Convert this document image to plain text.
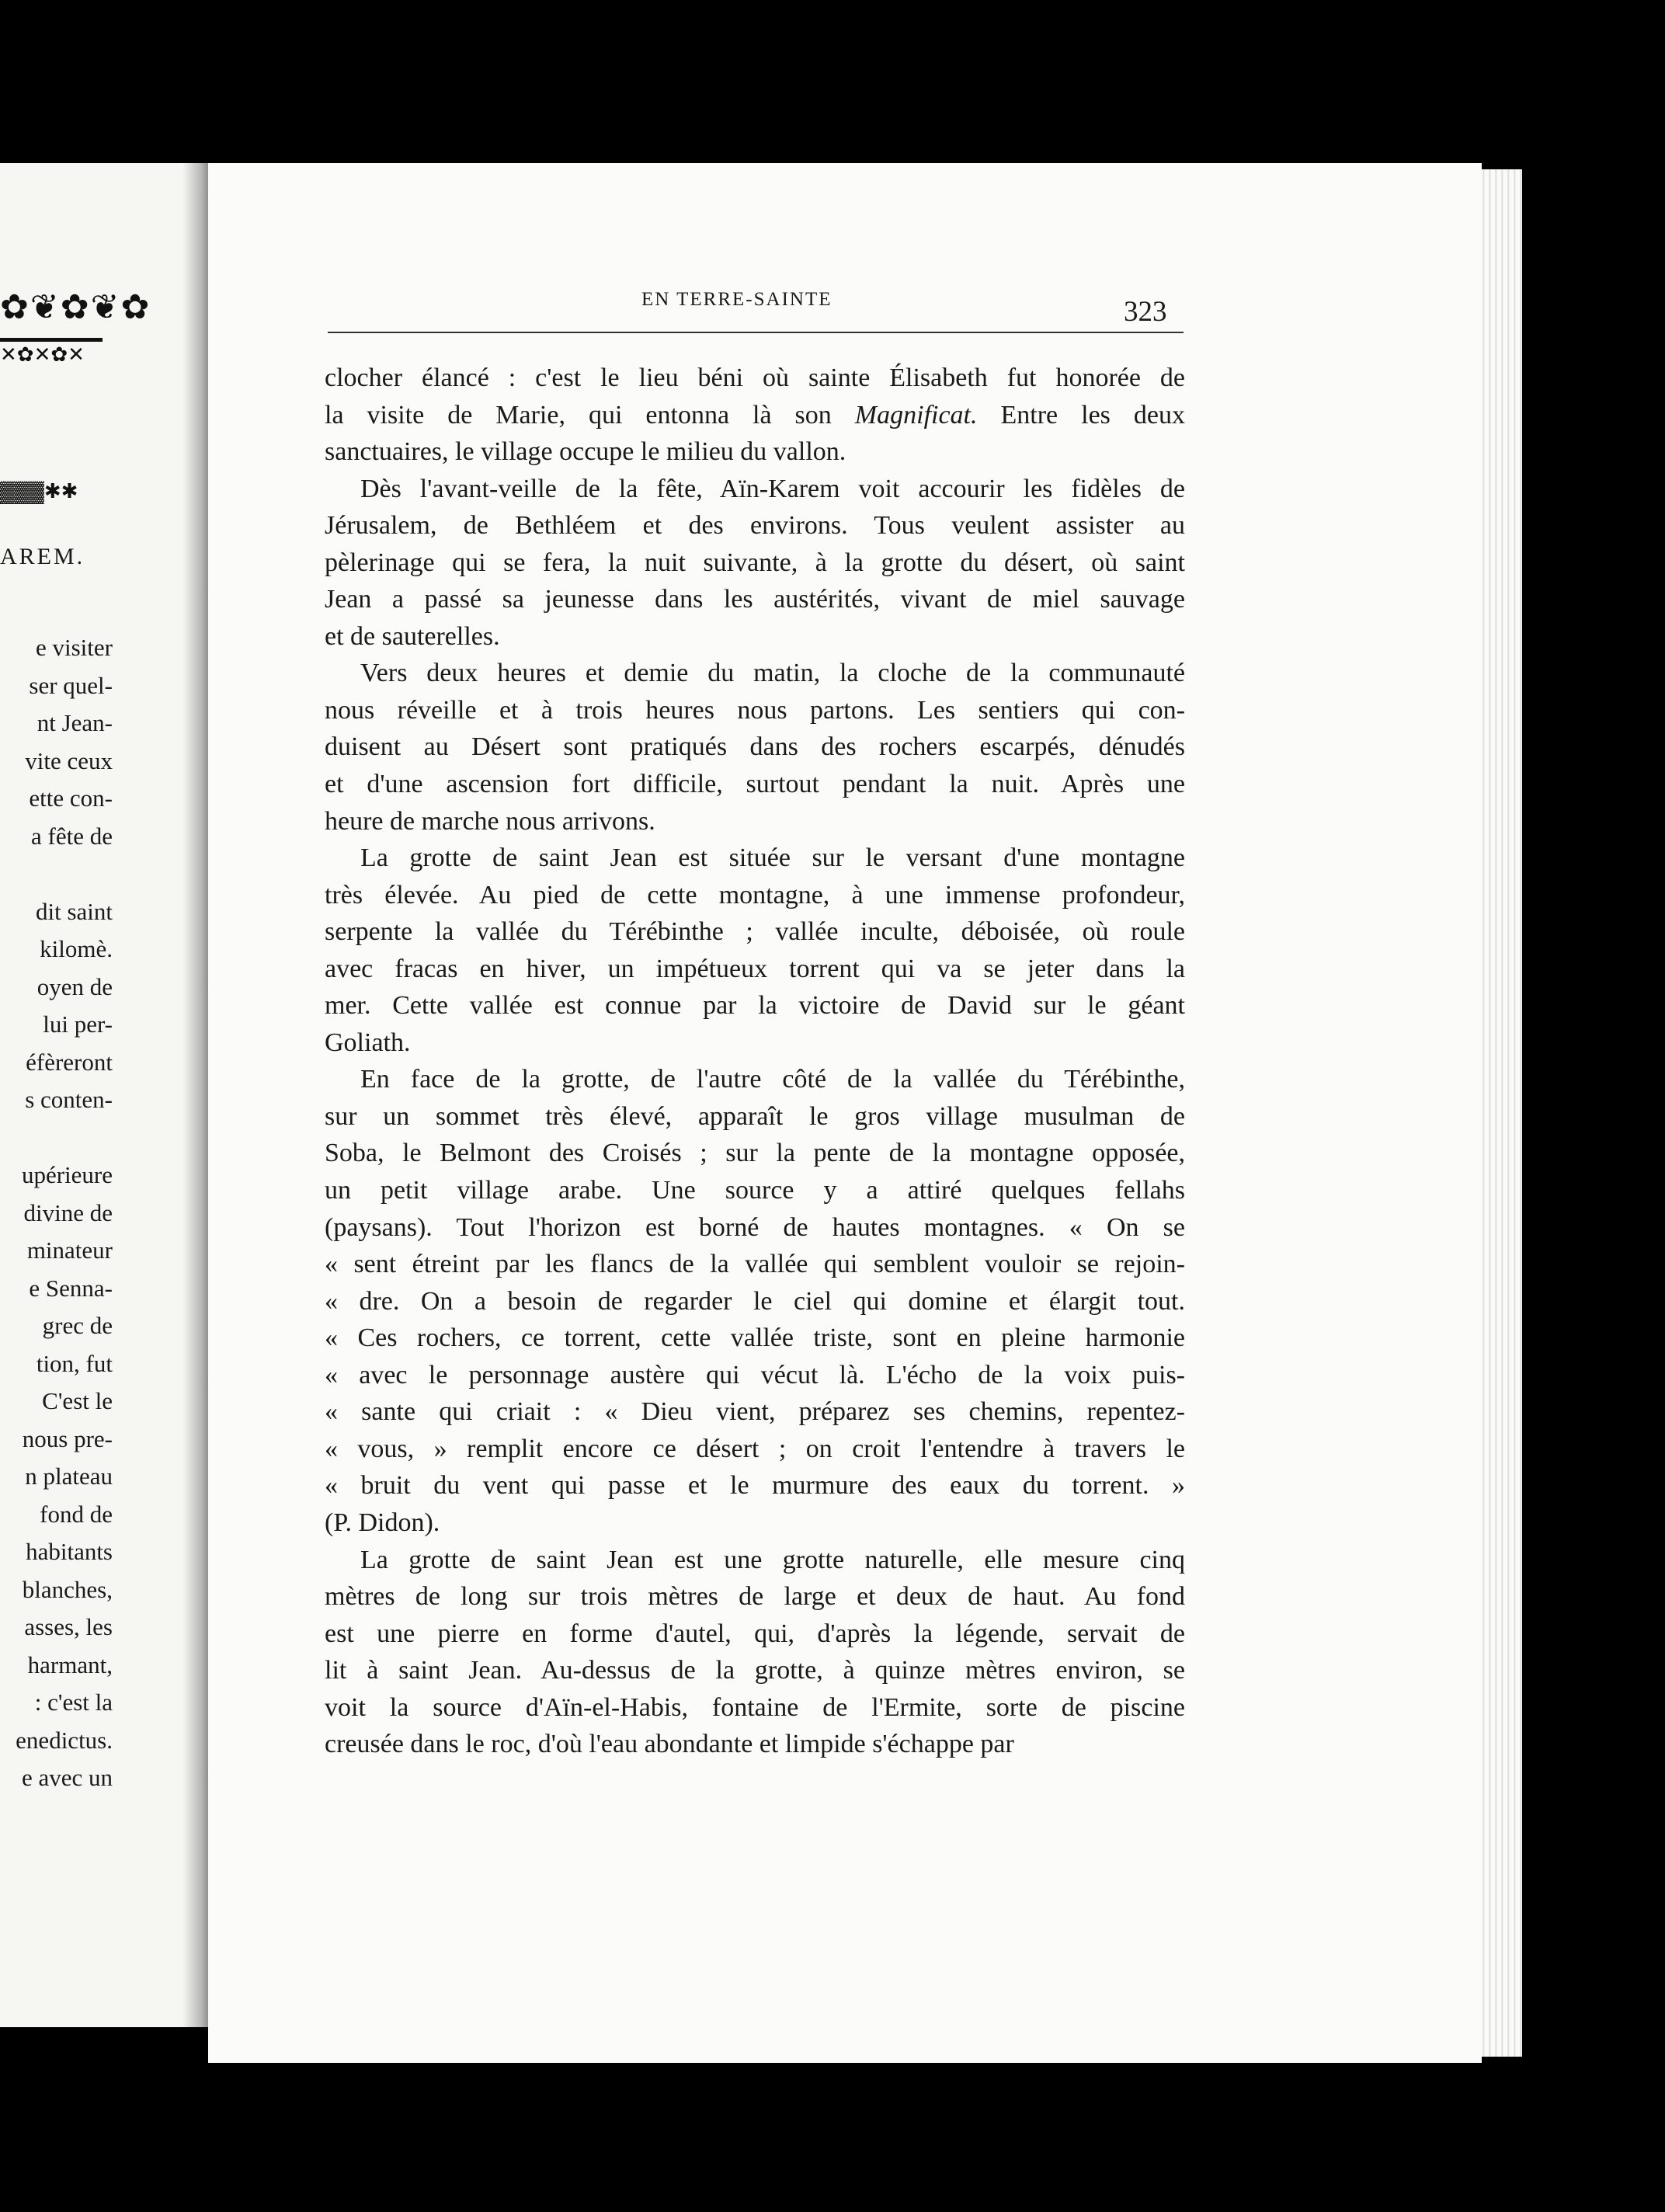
✿❦✿❦✿
✕✿✕✿✕
▓▓▓✱✱
AREM.
e visiter
ser quel-
nt Jean-
vite ceux
ette con-
a fête de
dit saint
kilomè.
oyen de
lui per-
éfèreront
s conten-
upérieure
divine de
minateur
e Senna-
grec de
tion, fut
C'est le
nous pre-
n plateau
fond de
habitants
blanches,
asses, les
harmant,
: c'est la
enedictus.
e avec un
EN TERRE-SAINTE	323
clocher élancé : c'est le lieu béni où sainte Élisabeth fut honorée de
la visite de Marie, qui entonna là son Magnificat. Entre les deux
sanctuaires, le village occupe le milieu du vallon.
Dès l'avant-veille de la fête, Aïn-Karem voit accourir les fidèles de
Jérusalem, de Bethléem et des environs. Tous veulent assister au
pèlerinage qui se fera, la nuit suivante, à la grotte du désert, où saint
Jean a passé sa jeunesse dans les austérités, vivant de miel sauvage
et de sauterelles.
Vers deux heures et demie du matin, la cloche de la communauté
nous réveille et à trois heures nous partons. Les sentiers qui con-
duisent au Désert sont pratiqués dans des rochers escarpés, dénudés
et d'une ascension fort difficile, surtout pendant la nuit. Après une
heure de marche nous arrivons.
La grotte de saint Jean est située sur le versant d'une montagne
très élevée. Au pied de cette montagne, à une immense profondeur,
serpente la vallée du Térébinthe ; vallée inculte, déboisée, où roule
avec fracas en hiver, un impétueux torrent qui va se jeter dans la
mer. Cette vallée est connue par la victoire de David sur le géant
Goliath.
En face de la grotte, de l'autre côté de la vallée du Térébinthe,
sur un sommet très élevé, apparaît le gros village musulman de
Soba, le Belmont des Croisés ; sur la pente de la montagne opposée,
un petit village arabe. Une source y a attiré quelques fellahs
(paysans). Tout l'horizon est borné de hautes montagnes. « On se
« sent étreint par les flancs de la vallée qui semblent vouloir se rejoin-
« dre. On a besoin de regarder le ciel qui domine et élargit tout.
« Ces rochers, ce torrent, cette vallée triste, sont en pleine harmonie
« avec le personnage austère qui vécut là. L'écho de la voix puis-
« sante qui criait : « Dieu vient, préparez ses chemins, repentez-
« vous, » remplit encore ce désert ; on croit l'entendre à travers le
« bruit du vent qui passe et le murmure des eaux du torrent. »
(P. Didon).
La grotte de saint Jean est une grotte naturelle, elle mesure cinq
mètres de long sur trois mètres de large et deux de haut. Au fond
est une pierre en forme d'autel, qui, d'après la légende, servait de
lit à saint Jean. Au-dessus de la grotte, à quinze mètres environ, se
voit la source d'Aïn-el-Habis, fontaine de l'Ermite, sorte de piscine
creusée dans le roc, d'où l'eau abondante et limpide s'échappe par
